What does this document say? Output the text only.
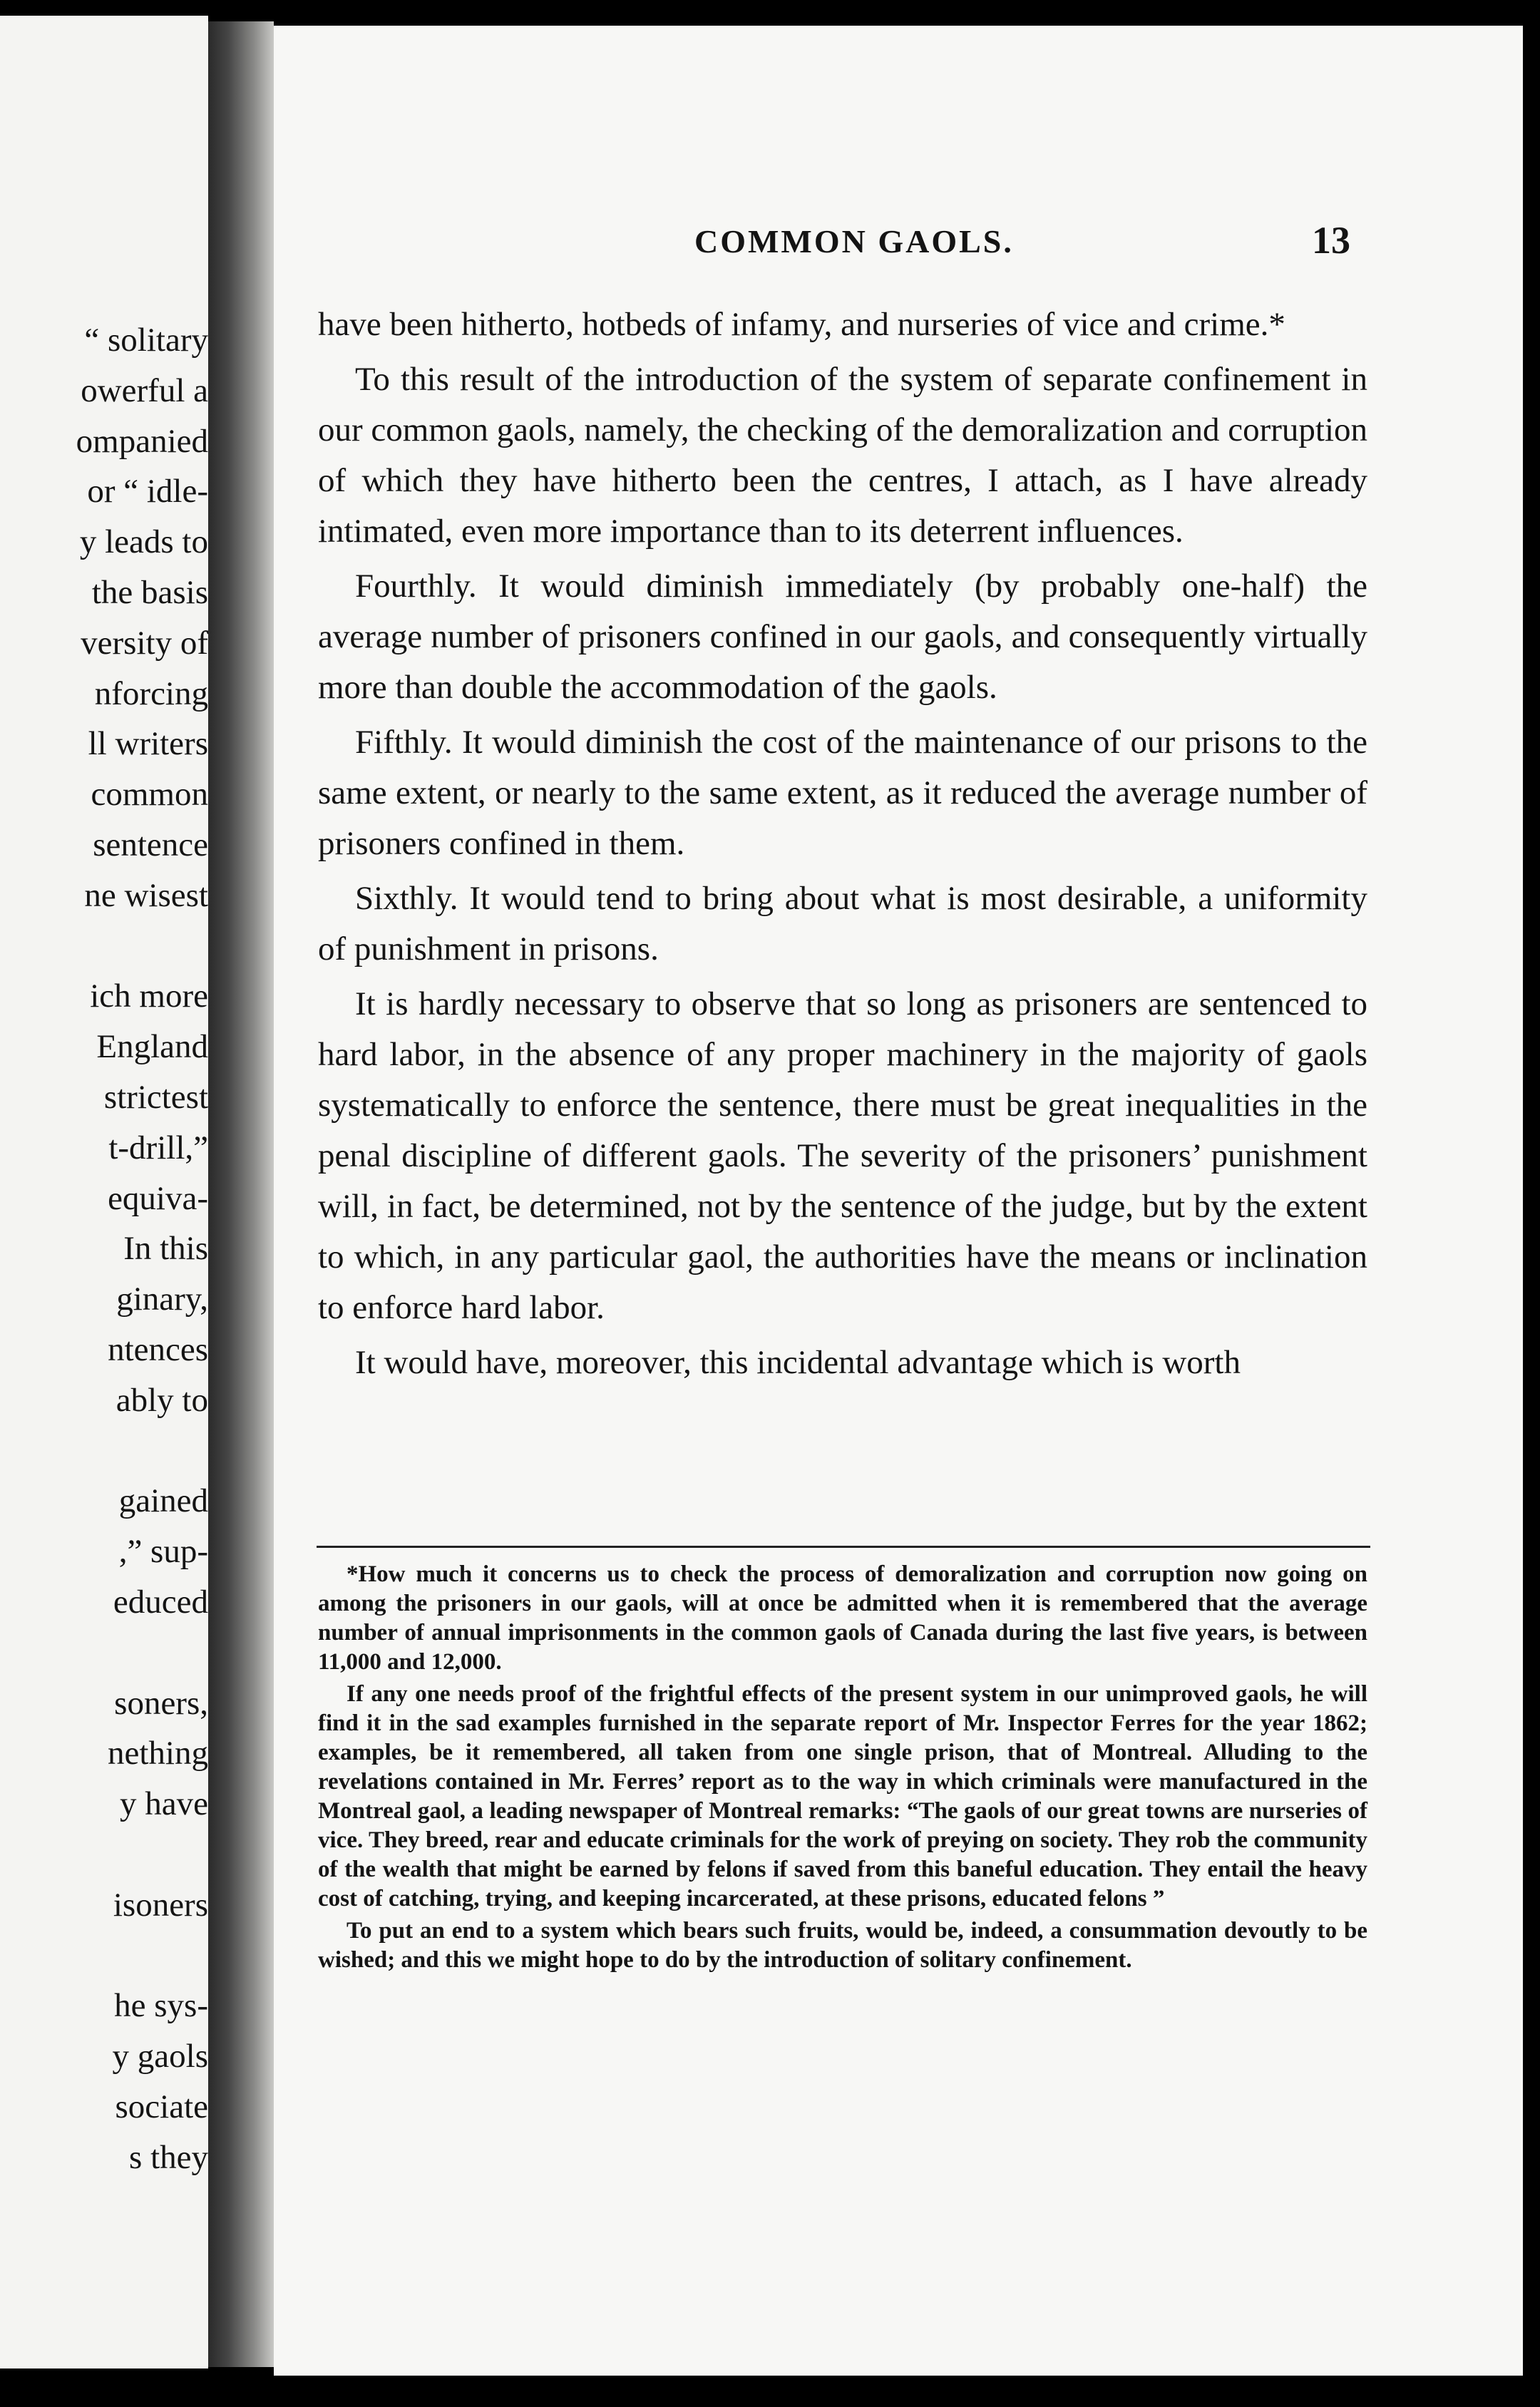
“ solitary
owerful a
ompanied
or “ idle-
y leads to
the basis
versity of
nforcing
ll writers
common
sentence
ne wisest
ich more
England
strictest
t-drill,”
equiva-
In this
ginary,
ntences
ably to
gained
,” sup-
educed
soners,
nething
y have
isoners
he sys-
y gaols
sociate
s they
COMMON GAOLS.	13

have been hitherto, hotbeds of infamy, and nurseries of vice and crime.*

To this result of the introduction of the system of separate confinement in our common gaols, namely, the checking of the demoralization and corruption of which they have hitherto been the centres, I attach, as I have already intimated, even more importance than to its deterrent influences.

Fourthly. It would diminish immediately (by probably one-half) the average number of prisoners confined in our gaols, and consequently virtually more than double the accommodation of the gaols.

Fifthly. It would diminish the cost of the maintenance of our prisons to the same extent, or nearly to the same extent, as it reduced the average number of prisoners confined in them.

Sixthly. It would tend to bring about what is most desirable, a uniformity of punishment in prisons.

It is hardly necessary to observe that so long as prisoners are sentenced to hard labor, in the absence of any proper machinery in the majority of gaols systematically to enforce the sentence, there must be great inequalities in the penal discipline of different gaols. The severity of the prisoners’ punishment will, in fact, be determined, not by the sentence of the judge, but by the extent to which, in any particular gaol, the authorities have the means or inclination to enforce hard labor.

It would have, moreover, this incidental advantage which is worth

*How much it concerns us to check the process of demoralization and corruption now going on among the prisoners in our gaols, will at once be admitted when it is remembered that the average number of annual imprisonments in the common gaols of Canada during the last five years, is between 11,000 and 12,000.

If any one needs proof of the frightful effects of the present system in our unimproved gaols, he will find it in the sad examples furnished in the separate report of Mr. Inspector Ferres for the year 1862; examples, be it remembered, all taken from one single prison, that of Montreal. Alluding to the revelations contained in Mr. Ferres’ report as to the way in which criminals were manufactured in the Montreal gaol, a leading newspaper of Montreal remarks: “The gaols of our great towns are nurseries of vice. They breed, rear and educate criminals for the work of preying on society. They rob the community of the wealth that might be earned by felons if saved from this baneful education. They entail the heavy cost of catching, trying, and keeping incarcerated, at these prisons, educated felons ”

To put an end to a system which bears such fruits, would be, indeed, a consummation devoutly to be wished; and this we might hope to do by the introduction of solitary confinement.
